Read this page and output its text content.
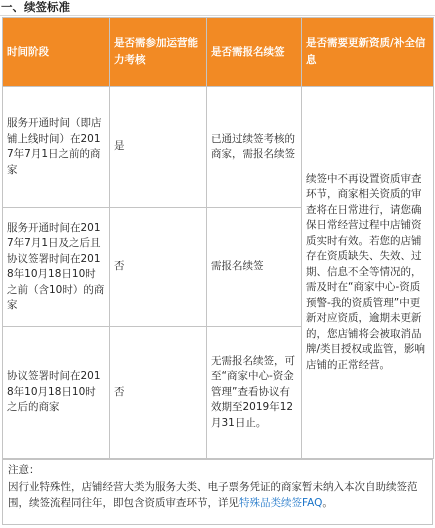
一、续签标准
时间阶段	是否需参加运营能力考核	是否需报名续签	是否需要更新资质/补全信息
服务开通时间（即店铺上线时间）在2017年7月1日之前的商家	是	已通过续签考核的商家，需报名续签	续签中不再设置资质审查环节，商家相关资质的审查将在日常进行，请您确保日常经营过程中店铺资质实时有效。若您的店铺存在资质缺失、失效、过期、信息不全等情况的，需及时在“商家中心-资质预警-我的资质管理”中更新对应资质，逾期未更新的，您店铺将会被取消品牌/类目授权或监管，影响店铺的正常经营。
服务开通时间在2017年7月1日及之后且协议签署时间在2018年10月18日10时之前（含10时）的商家	否	需报名续签	
协议签署时间在2018年10月18日10时之后的商家	否	无需报名续签，可至“商家中心-资金管理”查看协议有效期至2019年12月31日止。	
注意：
因行业特殊性，店铺经营大类为服务大类、电子票务凭证的商家暂未纳入本次自助续签范围，续签流程同往年，即包含资质审查环节，详见特殊品类续签FAQ。
